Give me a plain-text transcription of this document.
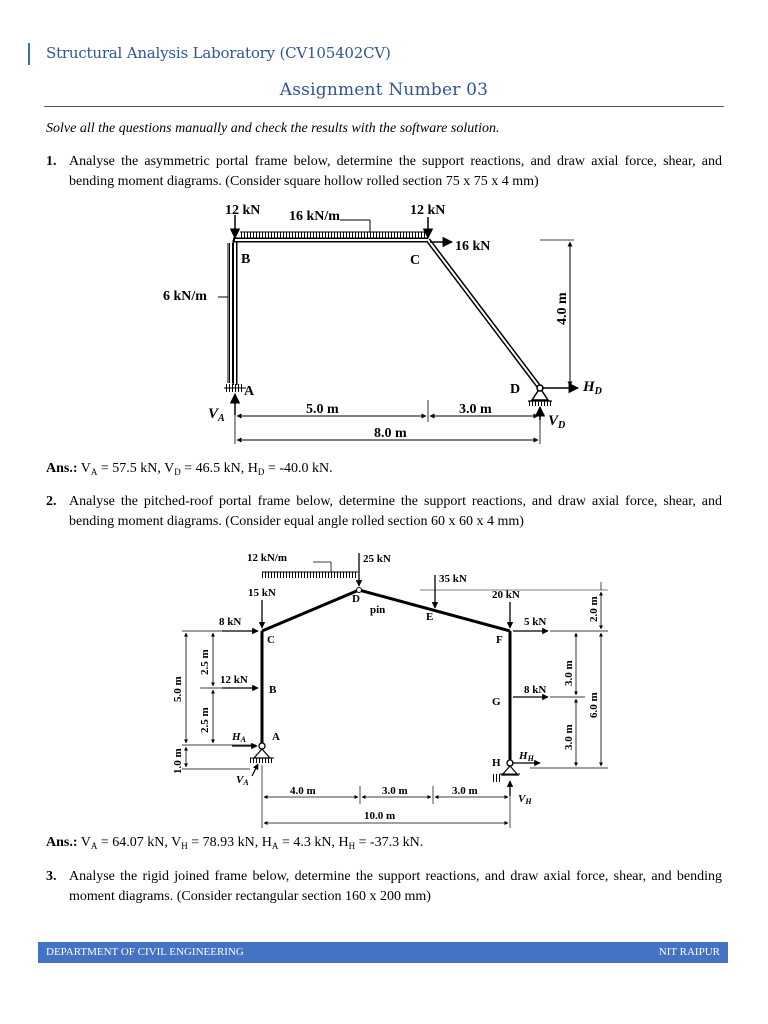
Structural Analysis Laboratory (CV105402CV)
Assignment Number 03
Solve all the questions manually and check the results with the software solution.
1. Analyse the asymmetric portal frame below, determine the support reactions, and draw axial force, shear, and bending moment diagrams. (Consider square hollow rolled section 75 x 75 x 4 mm)
16 kN/m
6 kN/m
12 kN	12 kN
16 kN
B	C
A	D
$V_A$
$H_D$
$V_D$
4.0 m
5.0 m	3.0 m
8.0 m
Ans.: $V_A = 57.5$ kN, $V_D = 46.5$ kN, $H_D = -40.0$ kN.
2. Analyse the pitched-roof portal frame below, determine the support reactions, and draw axial force, shear, and bending moment diagrams. (Consider equal angle rolled section 60 x 60 x 4 mm)
12 kN/m	25 kN
35 kN
15 kN	20 kN
8 kN	5 kN
12 kN
8 kN
pin
D
E
C
B
A
F
G
H
HA
VA
HH
VH
4.0 m	3.0 m	3.0 m
10.0 m
5.0 m
1.0 m
2.5 m
2.5 m
2.0 m
6.0 m
3.0 m
3.0 m
Ans.: $V_A = 64.07$ kN, $V_H = 78.93$ kN, $H_A = 4.3$ kN, $H_H = -37.3$ kN.
3. Analyse the rigid joined frame below, determine the support reactions, and draw axial force, shear, and bending moment diagrams. (Consider rectangular section 160 x 200 mm)
DEPARTMENT OF CIVIL ENGINEERING	NIT RAIPUR
